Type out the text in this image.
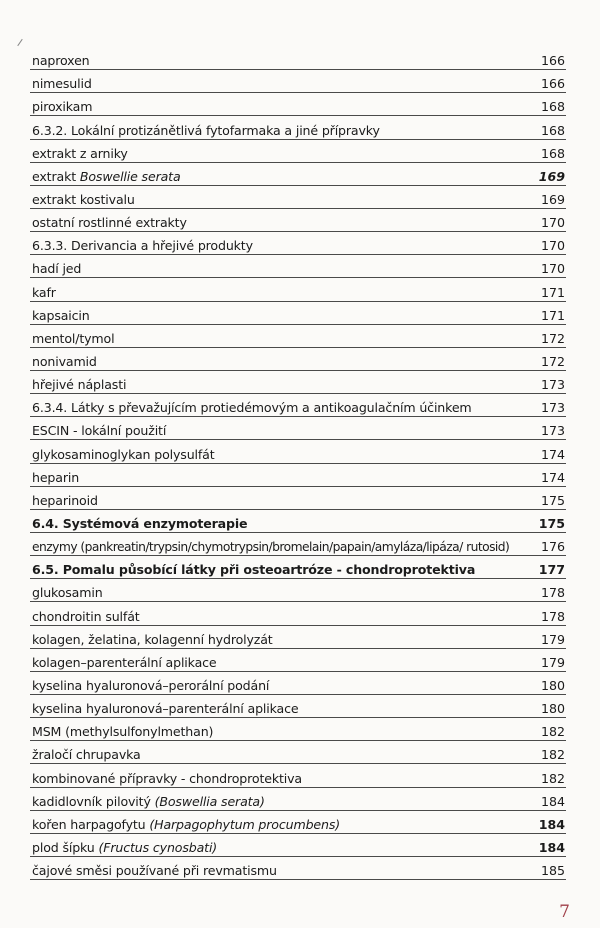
naproxen	166
nimesulid	166
piroxikam	168
6.3.2. Lokální protizánětlivá fytofarmaka a jiné přípravky	168
extrakt z arniky	168
extrakt Boswellie serata	169
extrakt kostivalu	169
ostatní rostlinné extrakty	170
6.3.3. Derivancia a hřejivé produkty	170
hadí jed	170
kafr	171
kapsaicin	171
mentol/tymol	172
nonivamid	172
hřejivé náplasti	173
6.3.4. Látky s převažujícím protiedémovým a antikoagulačním účinkem	173
ESCIN - lokální použití	173
glykosaminoglykan polysulfát	174
heparin	174
heparinoid	175
6.4. Systémová enzymoterapie	175
enzymy (pankreatin/trypsin/chymotrypsin/bromelain/papain/amyláza/lipáza/ rutosid)	176
6.5. Pomalu působící látky při osteoartróze - chondroprotektiva	177
glukosamin	178
chondroitin sulfát	178
kolagen, želatina, kolagenní hydrolyzát	179
kolagen–parenterální aplikace	179
kyselina hyaluronová–perorální podání	180
kyselina hyaluronová–parenterální aplikace	180
MSM (methylsulfonylmethan)	182
žraločí chrupavka	182
kombinované přípravky - chondroprotektiva	182
kadidlovník pilovitý (Boswellia serata)	184
kořen harpagofytu (Harpagophytum procumbens)	184
plod šípku (Fructus cynosbati)	184
čajové směsi používané při revmatismu	185
7
